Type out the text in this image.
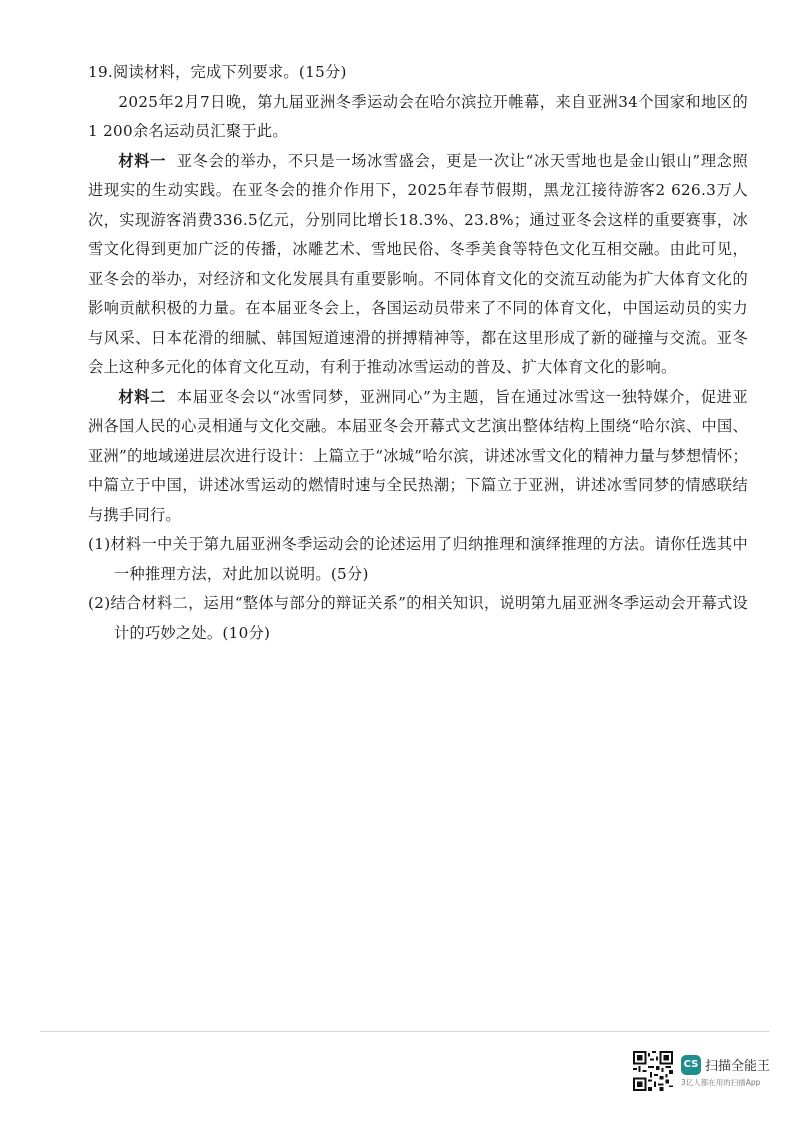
19.阅读材料，完成下列要求。(15分)

2025年2月7日晚，第九届亚洲冬季运动会在哈尔滨拉开帷幕，来自亚洲34个国家和地区的1 200余名运动员汇聚于此。

材料一 亚冬会的举办，不只是一场冰雪盛会，更是一次让“冰天雪地也是金山银山”理念照进现实的生动实践。在亚冬会的推介作用下，2025年春节假期，黑龙江接待游客2 626.3万人次，实现游客消费336.5亿元，分别同比增长18.3%、23.8%；通过亚冬会这样的重要赛事，冰雪文化得到更加广泛的传播，冰雕艺术、雪地民俗、冬季美食等特色文化互相交融。由此可见，亚冬会的举办，对经济和文化发展具有重要影响。不同体育文化的交流互动能为扩大体育文化的影响贡献积极的力量。在本届亚冬会上，各国运动员带来了不同的体育文化，中国运动员的实力与风采、日本花滑的细腻、韩国短道速滑的拼搏精神等，都在这里形成了新的碰撞与交流。亚冬会上这种多元化的体育文化互动，有利于推动冰雪运动的普及、扩大体育文化的影响。

材料二 本届亚冬会以“冰雪同梦，亚洲同心”为主题，旨在通过冰雪这一独特媒介，促进亚洲各国人民的心灵相通与文化交融。本届亚冬会开幕式文艺演出整体结构上围绕“哈尔滨、中国、亚洲”的地域递进层次进行设计：上篇立于“冰城”哈尔滨，讲述冰雪文化的精神力量与梦想情怀；中篇立于中国，讲述冰雪运动的燃情时速与全民热潮；下篇立于亚洲，讲述冰雪同梦的情感联结与携手同行。

(1)材料一中关于第九届亚洲冬季运动会的论述运用了归纳推理和演绎推理的方法。请你任选其中一种推理方法，对此加以说明。(5分)

(2)结合材料二，运用“整体与部分的辩证关系”的相关知识，说明第九届亚洲冬季运动会开幕式设计的巧妙之处。(10分)

CS 扫描全能王
3亿人都在用的扫描App
